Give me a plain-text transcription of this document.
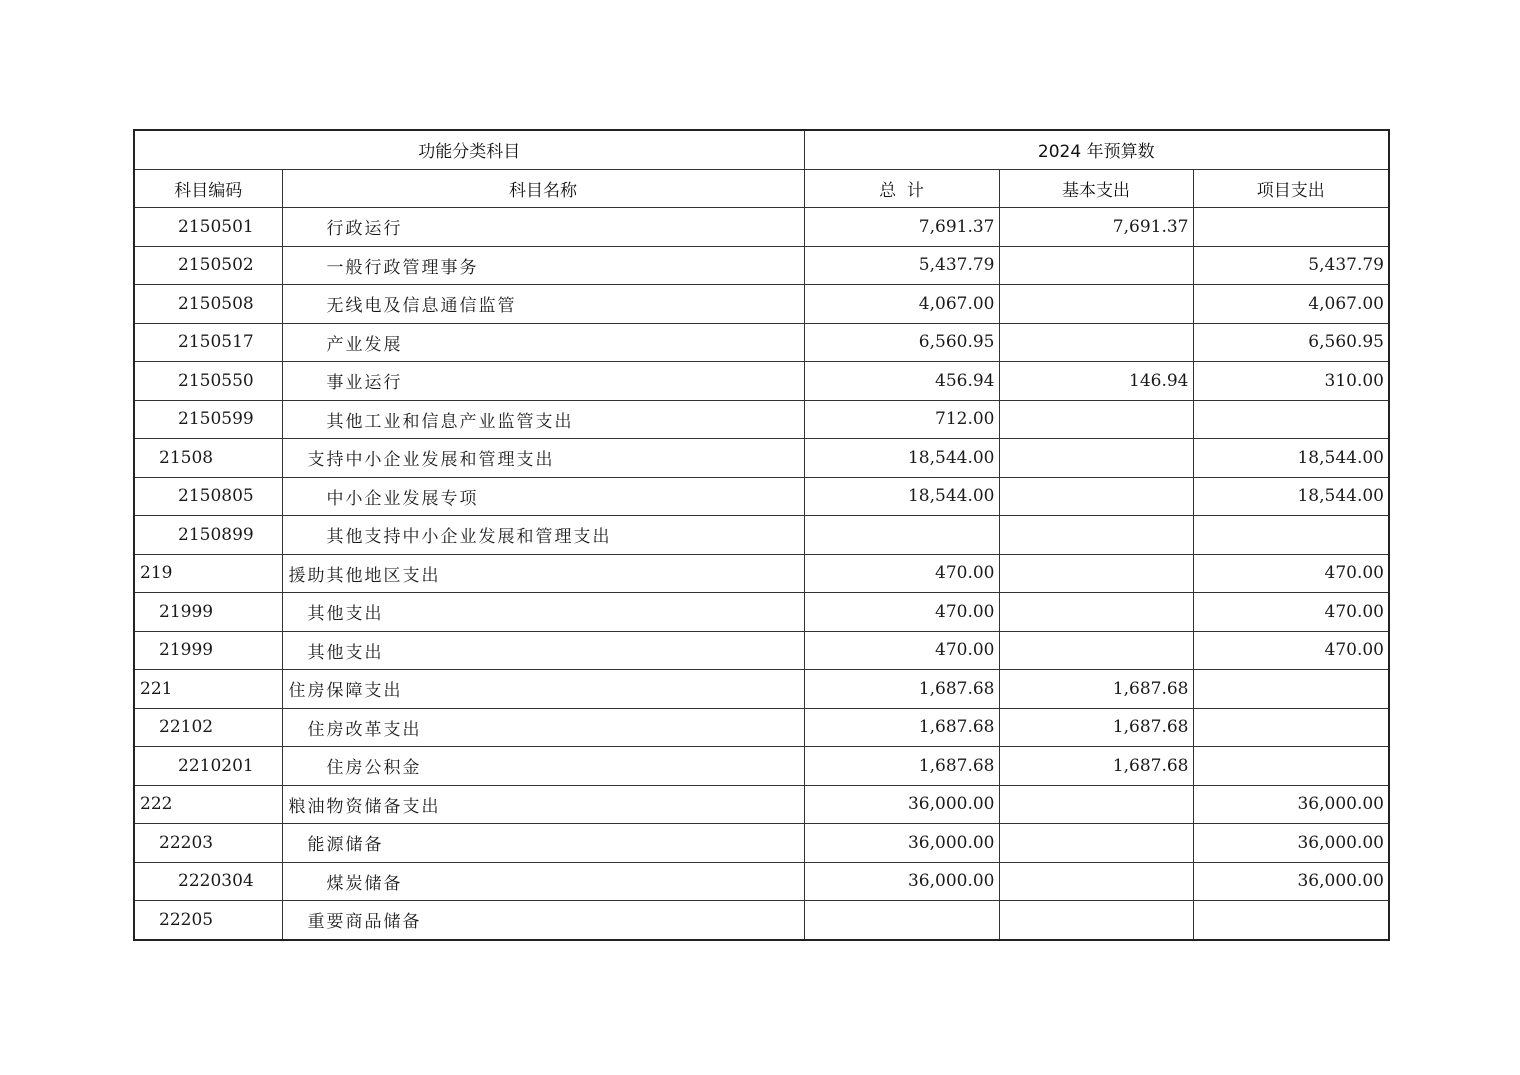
功能分类科目		2024 年预算数		
科目编码	科目名称	总  计	基本支出	项目支出
2150501	行政运行	7,691.37	7,691.37	
2150502	一般行政管理事务	5,437.79		5,437.79
2150508	无线电及信息通信监管	4,067.00		4,067.00
2150517	产业发展	6,560.95		6,560.95
2150550	事业运行	456.94	146.94	310.00
2150599	其他工业和信息产业监管支出	712.00		
21508	支持中小企业发展和管理支出	18,544.00		18,544.00
2150805	中小企业发展专项	18,544.00		18,544.00
2150899	其他支持中小企业发展和管理支出			
219	援助其他地区支出	470.00		470.00
21999	其他支出	470.00		470.00
21999	其他支出	470.00		470.00
221	住房保障支出	1,687.68	1,687.68	
22102	住房改革支出	1,687.68	1,687.68	
2210201	住房公积金	1,687.68	1,687.68	
222	粮油物资储备支出	36,000.00		36,000.00
22203	能源储备	36,000.00		36,000.00
2220304	煤炭储备	36,000.00		36,000.00
22205	重要商品储备			
